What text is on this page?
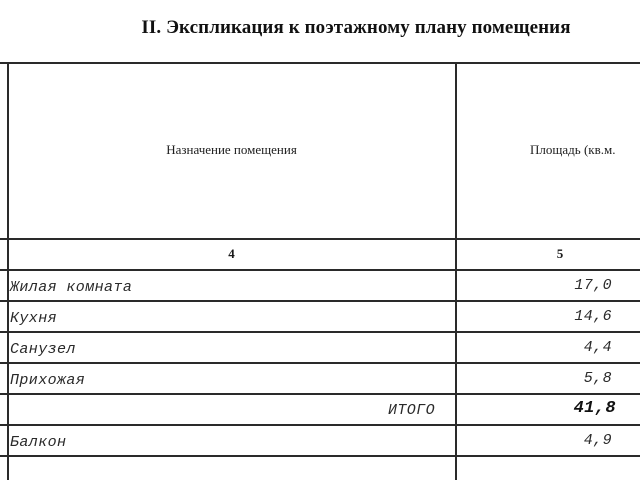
II. Экспликация к поэтажному плану помещения
Назначение помещения	Площадь (кв.м.
4	5
Жилая комната	17,0
Кухня	14,6
Санузел	4,4
Прихожая	5,8
ИТОГО	41,8
Балкон	4,9
